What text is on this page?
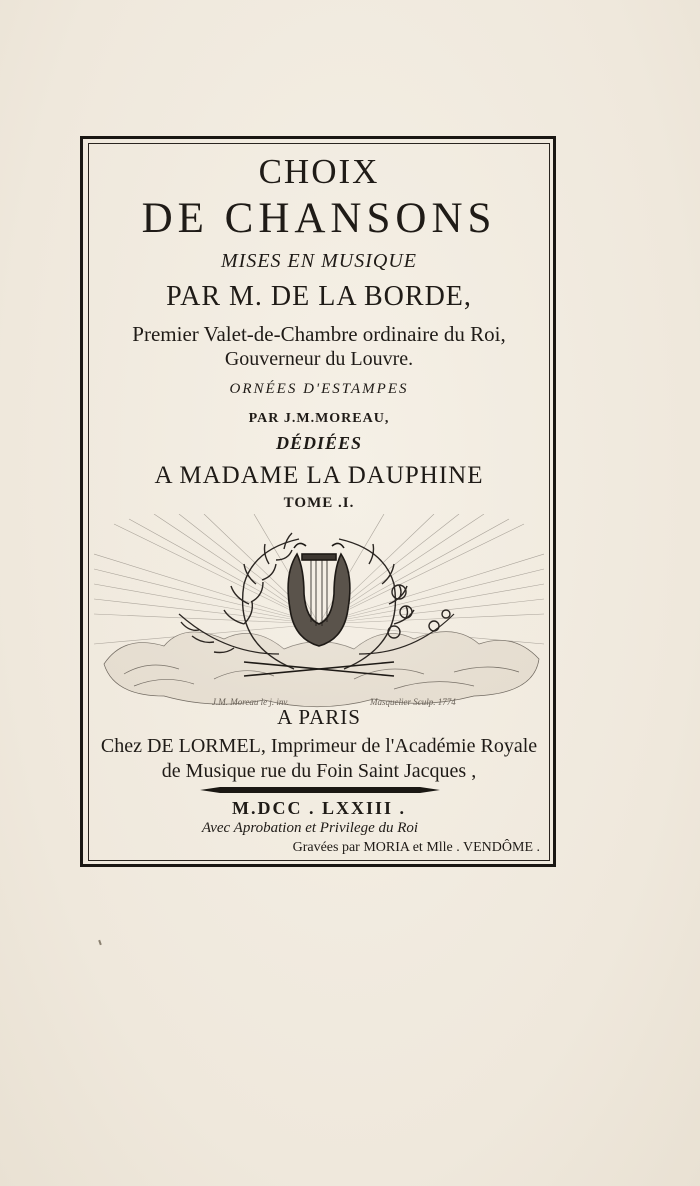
CHOIX
DE CHANSONS
MISES EN MUSIQUE
PAR M. DE LA BORDE,
Premier Valet-de-Chambre ordinaire du Roi,
Gouverneur du Louvre.
ORNÉES D'ESTAMPES
PAR J.M.MOREAU,
DÉDIÉES
A MADAME LA DAUPHINE
TOME .I.
J.M. Moreau le j. inv.	Masquelier Sculp. 1774
A PARIS
Chez DE LORMEL, Imprimeur de l'Académie Royale
de Musique rue du Foin Saint Jacques ,
M.DCC . LXXIII .
Avec Aprobation et Privilege du Roi
Gravées par MORIA et Mlle . VENDÔME .
